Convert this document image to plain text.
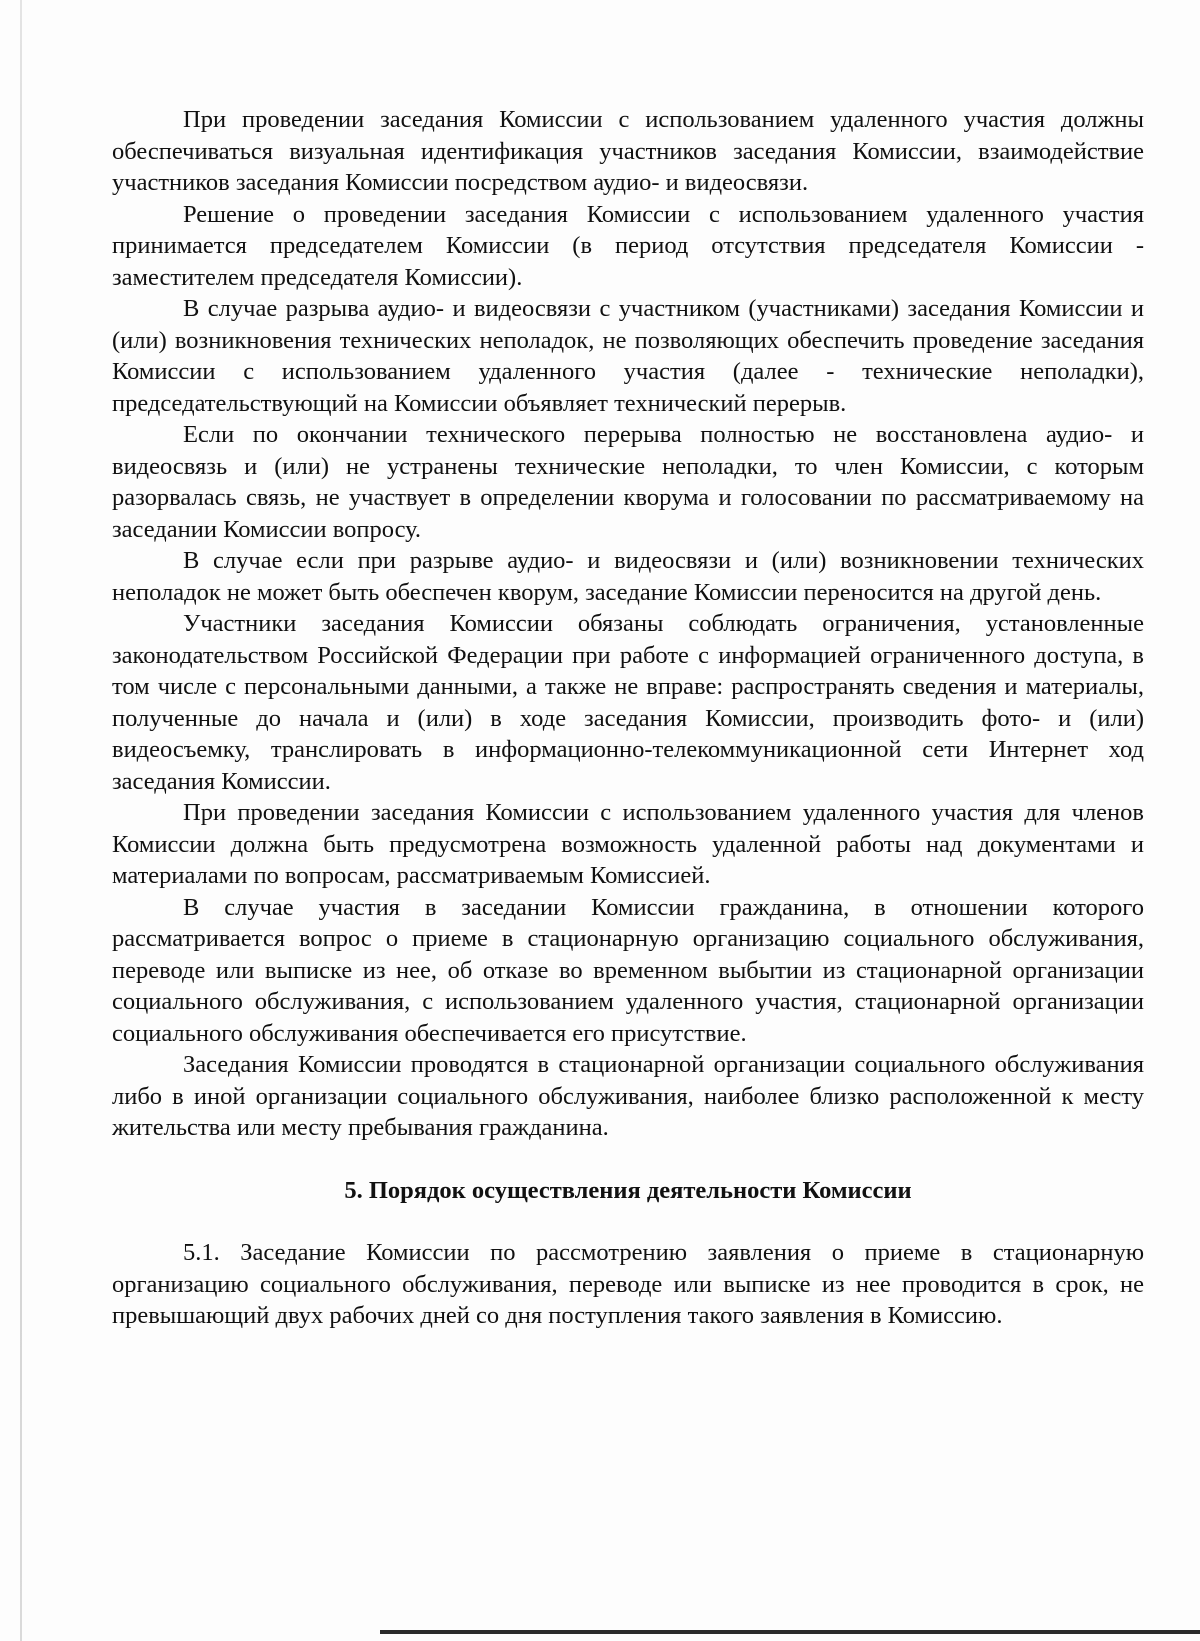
При проведении заседания Комиссии с использованием удаленного участия должны обеспечиваться визуальная идентификация участников заседания Комиссии, взаимодействие участников заседания Комиссии посредством аудио- и видеосвязи.

Решение о проведении заседания Комиссии с использованием удаленного участия принимается председателем Комиссии (в период отсутствия председателя Комиссии - заместителем председателя Комиссии).

В случае разрыва аудио- и видеосвязи с участником (участниками) заседания Комиссии и (или) возникновения технических неполадок, не позволяющих обеспечить проведение заседания Комиссии с использованием удаленного участия (далее - технические неполадки), председательствующий на Комиссии объявляет технический перерыв.

Если по окончании технического перерыва полностью не восстановлена аудио- и видеосвязь и (или) не устранены технические неполадки, то член Комиссии, с которым разорвалась связь, не участвует в определении кворума и голосовании по рассматриваемому на заседании Комиссии вопросу.

В случае если при разрыве аудио- и видеосвязи и (или) возникновении технических неполадок не может быть обеспечен кворум, заседание Комиссии переносится на другой день.

Участники заседания Комиссии обязаны соблюдать ограничения, установленные законодательством Российской Федерации при работе с информацией ограниченного доступа, в том числе с персональными данными, а также не вправе: распространять сведения и материалы, полученные до начала и (или) в ходе заседания Комиссии, производить фото- и (или) видеосъемку, транслировать в информационно-телекоммуникационной сети Интернет ход заседания Комиссии.

При проведении заседания Комиссии с использованием удаленного участия для членов Комиссии должна быть предусмотрена возможность удаленной работы над документами и материалами по вопросам, рассматриваемым Комиссией.

В случае участия в заседании Комиссии гражданина, в отношении которого рассматривается вопрос о приеме в стационарную организацию социального обслуживания, переводе или выписке из нее, об отказе во временном выбытии из стационарной организации социального обслуживания, с использованием удаленного участия, стационарной организации социального обслуживания обеспечивается его присутствие.

Заседания Комиссии проводятся в стационарной организации социального обслуживания либо в иной организации социального обслуживания, наиболее близко расположенной к месту жительства или месту пребывания гражданина.

5. Порядок осуществления деятельности Комиссии

5.1. Заседание Комиссии по рассмотрению заявления о приеме в стационарную организацию социального обслуживания, переводе или выписке из нее проводится в срок, не превышающий двух рабочих дней со дня поступления такого заявления в Комиссию.
